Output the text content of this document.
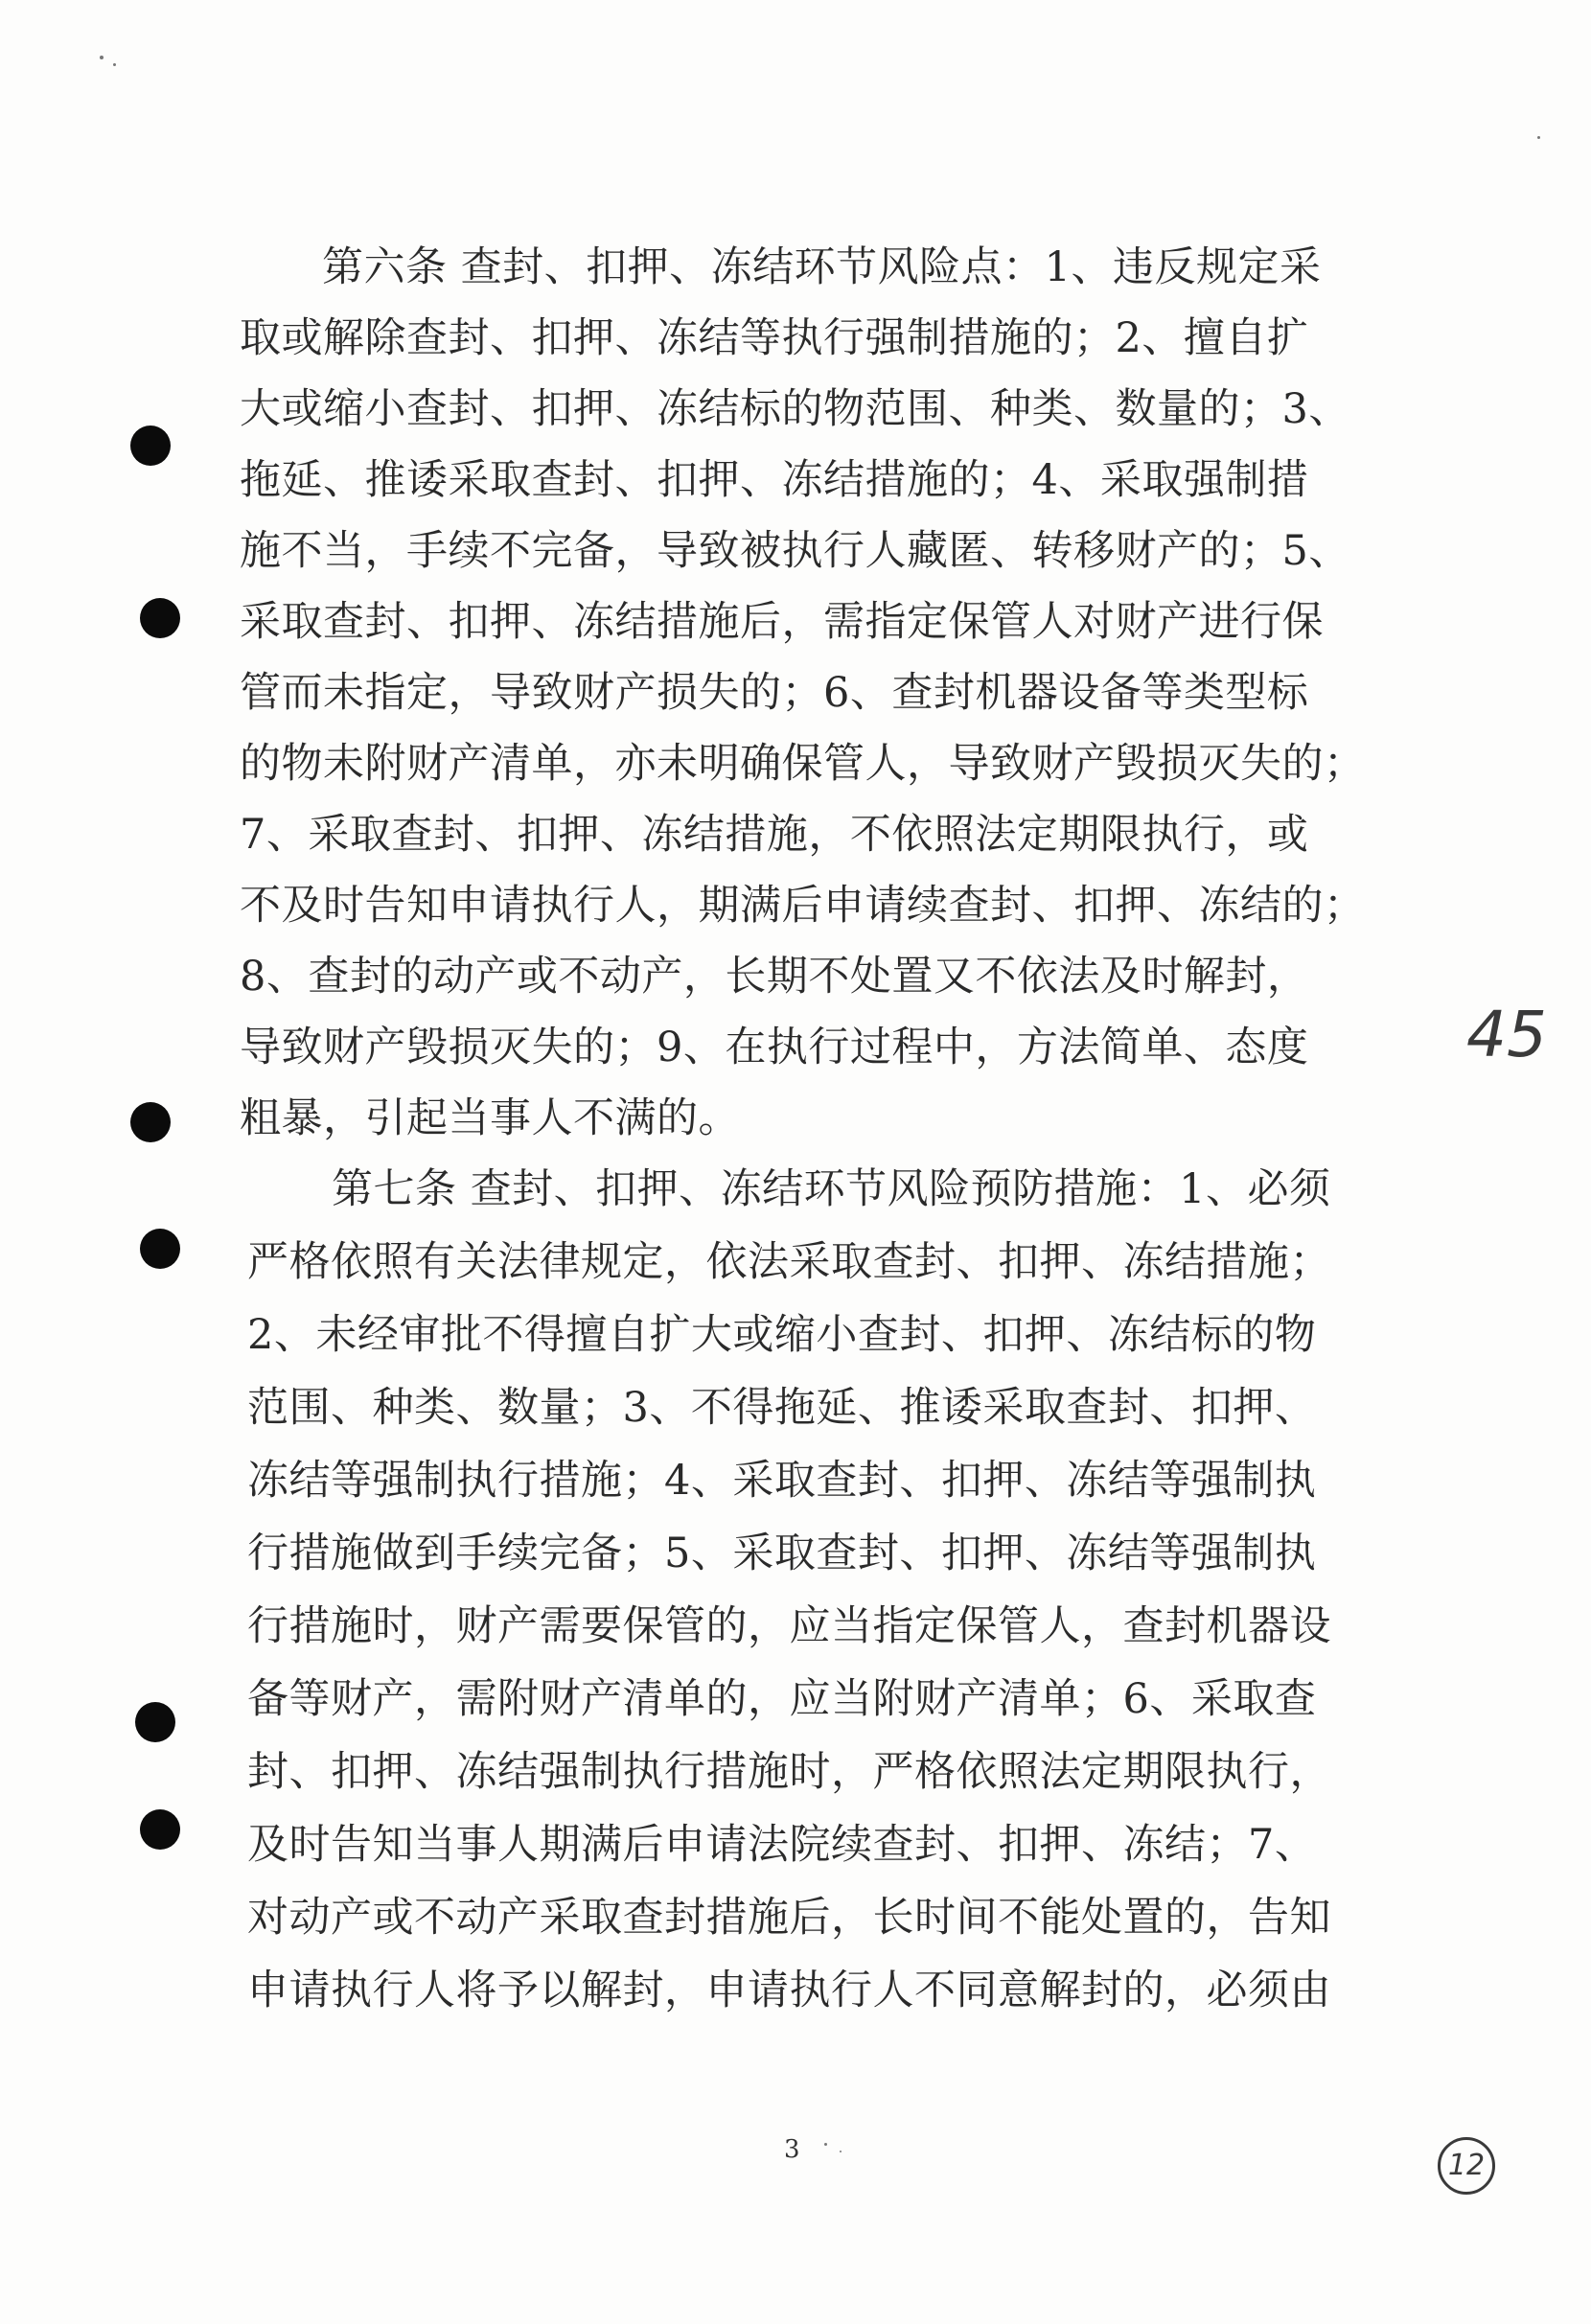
第六条 查封、扣押、冻结环节风险点：1、违反规定采
取或解除查封、扣押、冻结等执行强制措施的；2、擅自扩
大或缩小查封、扣押、冻结标的物范围、种类、数量的；3、
拖延、推诿采取查封、扣押、冻结措施的；4、采取强制措
施不当，手续不完备，导致被执行人藏匿、转移财产的；5、
采取查封、扣押、冻结措施后，需指定保管人对财产进行保
管而未指定，导致财产损失的；6、查封机器设备等类型标
的物未附财产清单，亦未明确保管人，导致财产毁损灭失的；
7、采取查封、扣押、冻结措施，不依照法定期限执行，或
不及时告知申请执行人，期满后申请续查封、扣押、冻结的；
8、查封的动产或不动产，长期不处置又不依法及时解封，
导致财产毁损灭失的；9、在执行过程中，方法简单、态度
粗暴，引起当事人不满的。
第七条 查封、扣押、冻结环节风险预防措施：1、必须
严格依照有关法律规定，依法采取查封、扣押、冻结措施；
2、未经审批不得擅自扩大或缩小查封、扣押、冻结标的物
范围、种类、数量；3、不得拖延、推诿采取查封、扣押、
冻结等强制执行措施；4、采取查封、扣押、冻结等强制执
行措施做到手续完备；5、采取查封、扣押、冻结等强制执
行措施时，财产需要保管的，应当指定保管人，查封机器设
备等财产，需附财产清单的，应当附财产清单；6、采取查
封、扣押、冻结强制执行措施时，严格依照法定期限执行，
及时告知当事人期满后申请法院续查封、扣押、冻结；7、
对动产或不动产采取查封措施后，长时间不能处置的，告知
申请执行人将予以解封，申请执行人不同意解封的，必须由
45
12
3
